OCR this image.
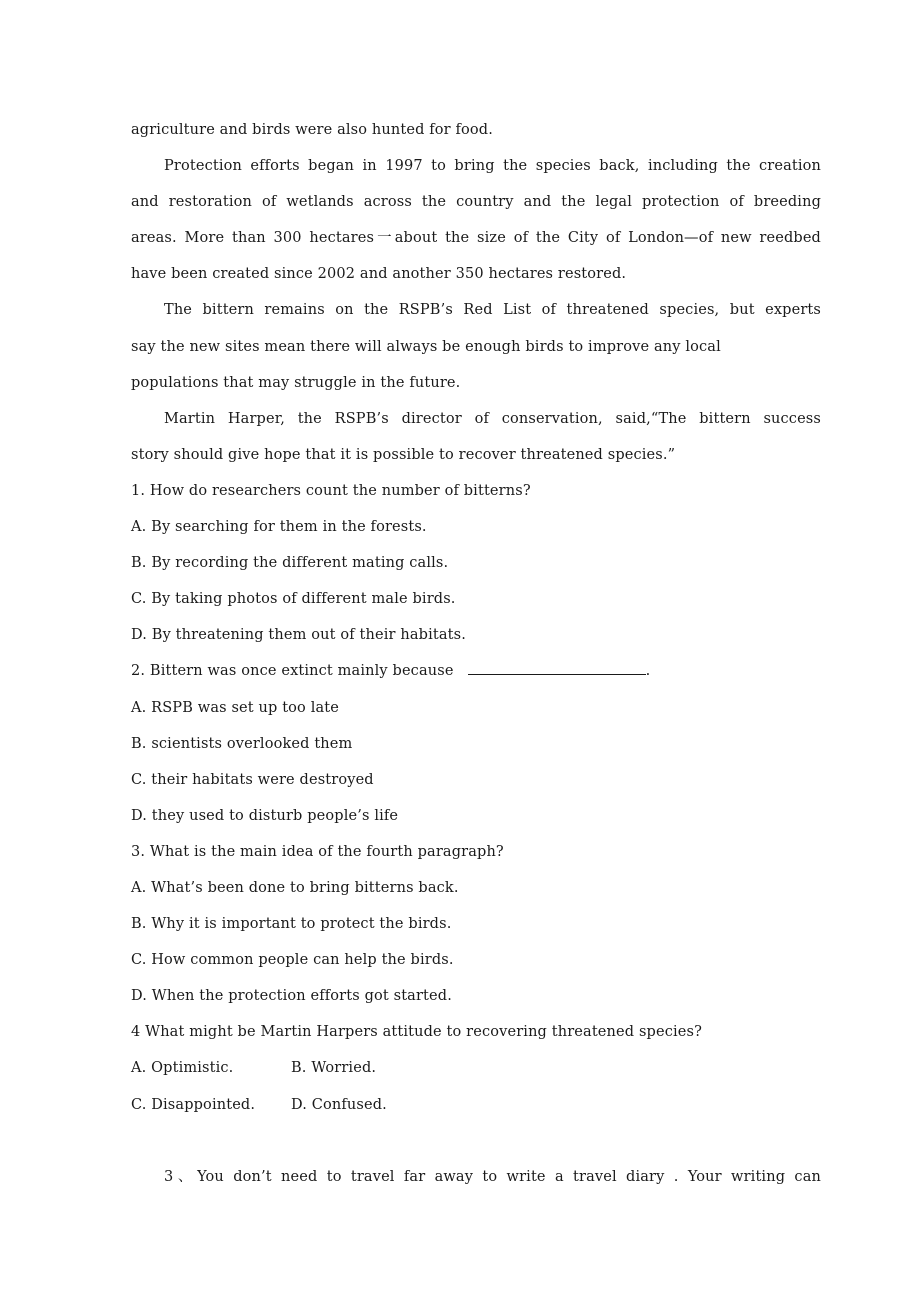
agriculture and birds were also hunted for food.
Protection efforts began in 1997 to bring the species back, including the creation
and restoration of wetlands across the country and the legal protection of breeding
areas. More than 300 hectares一about the size of the City of London—of new reedbed
have been created since 2002 and another 350 hectares restored.
The bittern remains on the RSPB’s Red List of threatened species, but experts
say the new sites mean there will always be enough birds to improve any local
populations that may struggle in the future.
Martin Harper, the RSPB’s director of conservation, said,“The bittern success
story should give hope that it is possible to recover threatened species.”
1. How do researchers count the number of bitterns?
A. By searching for them in the forests.
B. By recording the different mating calls.
C. By taking photos of different male birds.
D. By threatening them out of their habitats.
2. Bittern was once extinct mainly because	.
A. RSPB was set up too late
B. scientists overlooked them
C. their habitats were destroyed
D. they used to disturb people’s life
3. What is the main idea of the fourth paragraph?
A. What’s been done to bring bitterns back.
B. Why it is important to protect the birds.
C. How common people can help the birds.
D. When the protection efforts got started.
4 What might be Martin Harpers attitude to recovering threatened species?
A. Optimistic.	B. Worried.
C. Disappointed. D. Confused.
3、You don’t need to travel far away to write a travel diary . Your writing can
